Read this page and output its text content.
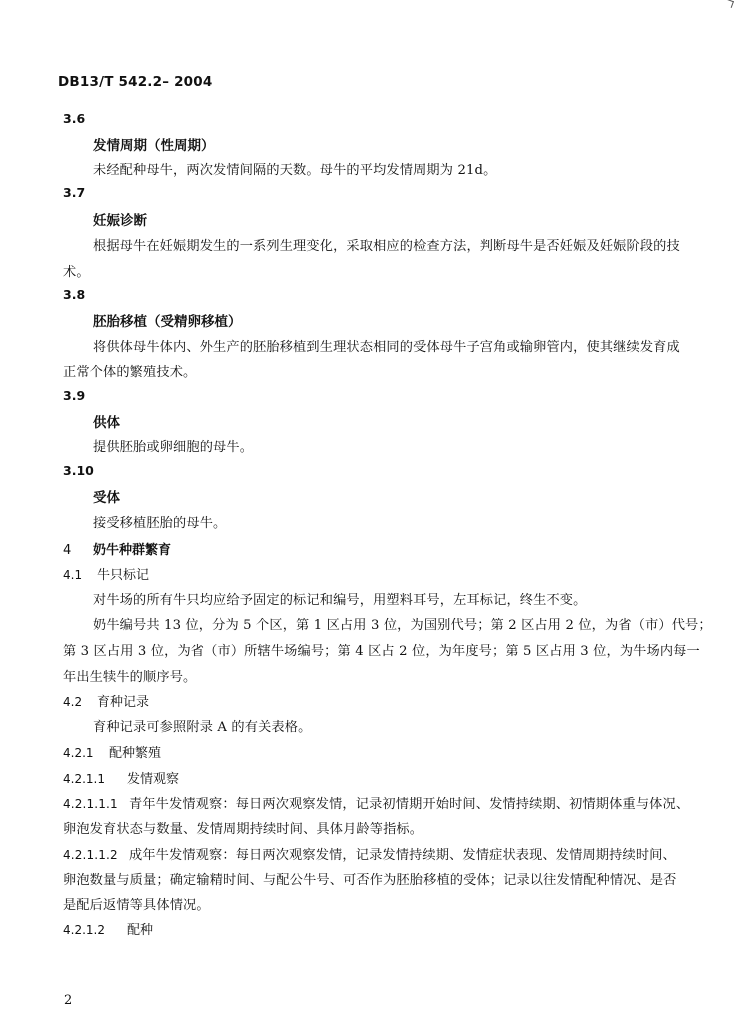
DB13/T 542.2– 2004
3.6
发情周期（性周期）
未经配种母牛，两次发情间隔的天数。母牛的平均发情周期为 21d。
3.7
妊娠诊断
根据母牛在妊娠期发生的一系列生理变化，采取相应的检查方法，判断母牛是否妊娠及妊娠阶段的技
术。
3.8
胚胎移植（受精卵移植）
将供体母牛体内、外生产的胚胎移植到生理状态相同的受体母牛子宫角或输卵管内，使其继续发育成
正常个体的繁殖技术。
3.9
供体
提供胚胎或卵细胞的母牛。
3.10
受体
接受移植胚胎的母牛。
4 奶牛种群繁育
4.1 牛只标记
对牛场的所有牛只均应给予固定的标记和编号，用塑料耳号，左耳标记，终生不变。
奶牛编号共 13 位，分为 5 个区，第 1 区占用 3 位，为国别代号；第 2 区占用 2 位，为省（市）代号；
第 3 区占用 3 位，为省（市）所辖牛场编号；第 4 区占 2 位，为年度号；第 5 区占用 3 位，为牛场内每一
年出生犊牛的顺序号。
4.2 育种记录
育种记录可参照附录 A 的有关表格。
4.2.1 配种繁殖
4.2.1.1 发情观察
4.2.1.1.1 青年牛发情观察：每日两次观察发情，记录初情期开始时间、发情持续期、初情期体重与体况、
卵泡发育状态与数量、发情周期持续时间、具体月龄等指标。
4.2.1.1.2 成年牛发情观察：每日两次观察发情，记录发情持续期、发情症状表现、发情周期持续时间、
卵泡数量与质量；确定输精时间、与配公牛号、可否作为胚胎移植的受体；记录以往发情配种情况、是否
是配后返情等具体情况。
4.2.1.2 配种
2
